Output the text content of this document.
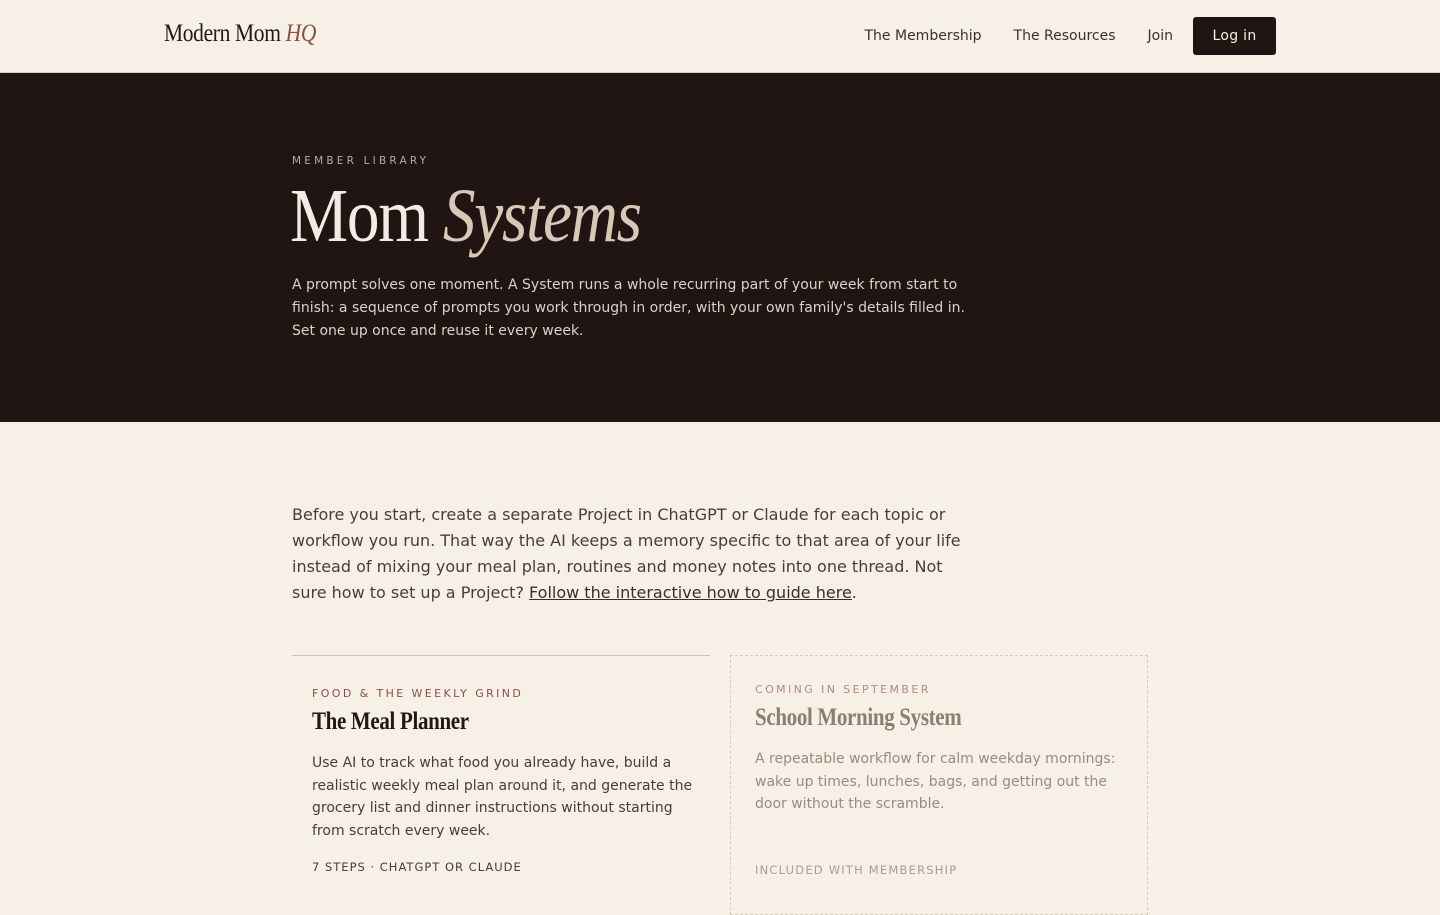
Modern Mom HQ	The Membership The Resources Join	Log in
MEMBER LIBRARY
Mom Systems

A prompt solves one moment. A System runs a whole recurring part of your week from start to finish: a sequence of prompts you work through in order, with your own family's details filled in. Set one up once and reuse it every week.

Before you start, create a separate Project in ChatGPT or Claude for each topic or workflow you run. That way the AI keeps a memory specific to that area of your life instead of mixing your meal plan, routines and money notes into one thread. Not sure how to set up a Project? Follow the interactive how to guide here.

FOOD & THE WEEKLY GRIND
The Meal Planner

Use AI to track what food you already have, build a realistic weekly meal plan around it, and generate the grocery list and dinner instructions without starting from scratch every week.

7 STEPS · CHATGPT OR CLAUDE
COMING IN SEPTEMBER
School Morning System

A repeatable workflow for calm weekday mornings: wake up times, lunches, bags, and getting out the door without the scramble.

INCLUDED WITH MEMBERSHIP
